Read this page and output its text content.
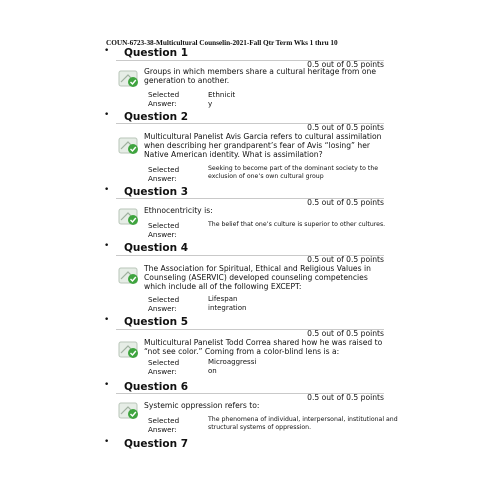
COUN-6723-38-Multicultural Counselin-2021-Fall Qtr Term Wks 1 thru 10
• Question 1
0.5 out of 0.5 points
Groups in which members share a cultural heritage from one generation to another.
Selected
Answer:
Ethnicit
y
• Question 2
0.5 out of 0.5 points
Multicultural Panelist Avis Garcia refers to cultural assimilation when describing her grandparent’s fear of Avis “losing” her Native American identity. What is assimilation?
Selected
Answer:
Seeking to become part of the dominant society to the exclusion of one’s own cultural group
• Question 3
0.5 out of 0.5 points
Ethnocentricity is:
Selected
Answer:
The belief that one’s culture is superior to other cultures.
• Question 4
0.5 out of 0.5 points
The Association for Spiritual, Ethical and Religious Values in Counseling (ASERVIC) developed counseling competencies which include all of the following EXCEPT:
Selected
Answer:
Lifespan
integration
• Question 5
0.5 out of 0.5 points
Multicultural Panelist Todd Correa shared how he was raised to “not see color.” Coming from a color-blind lens is a:
Selected
Answer:
Microaggressi
on
• Question 6
0.5 out of 0.5 points
Systemic oppression refers to:
Selected
Answer:
The phenomena of individual, interpersonal, institutional and structural systems of oppression.
• Question 7
